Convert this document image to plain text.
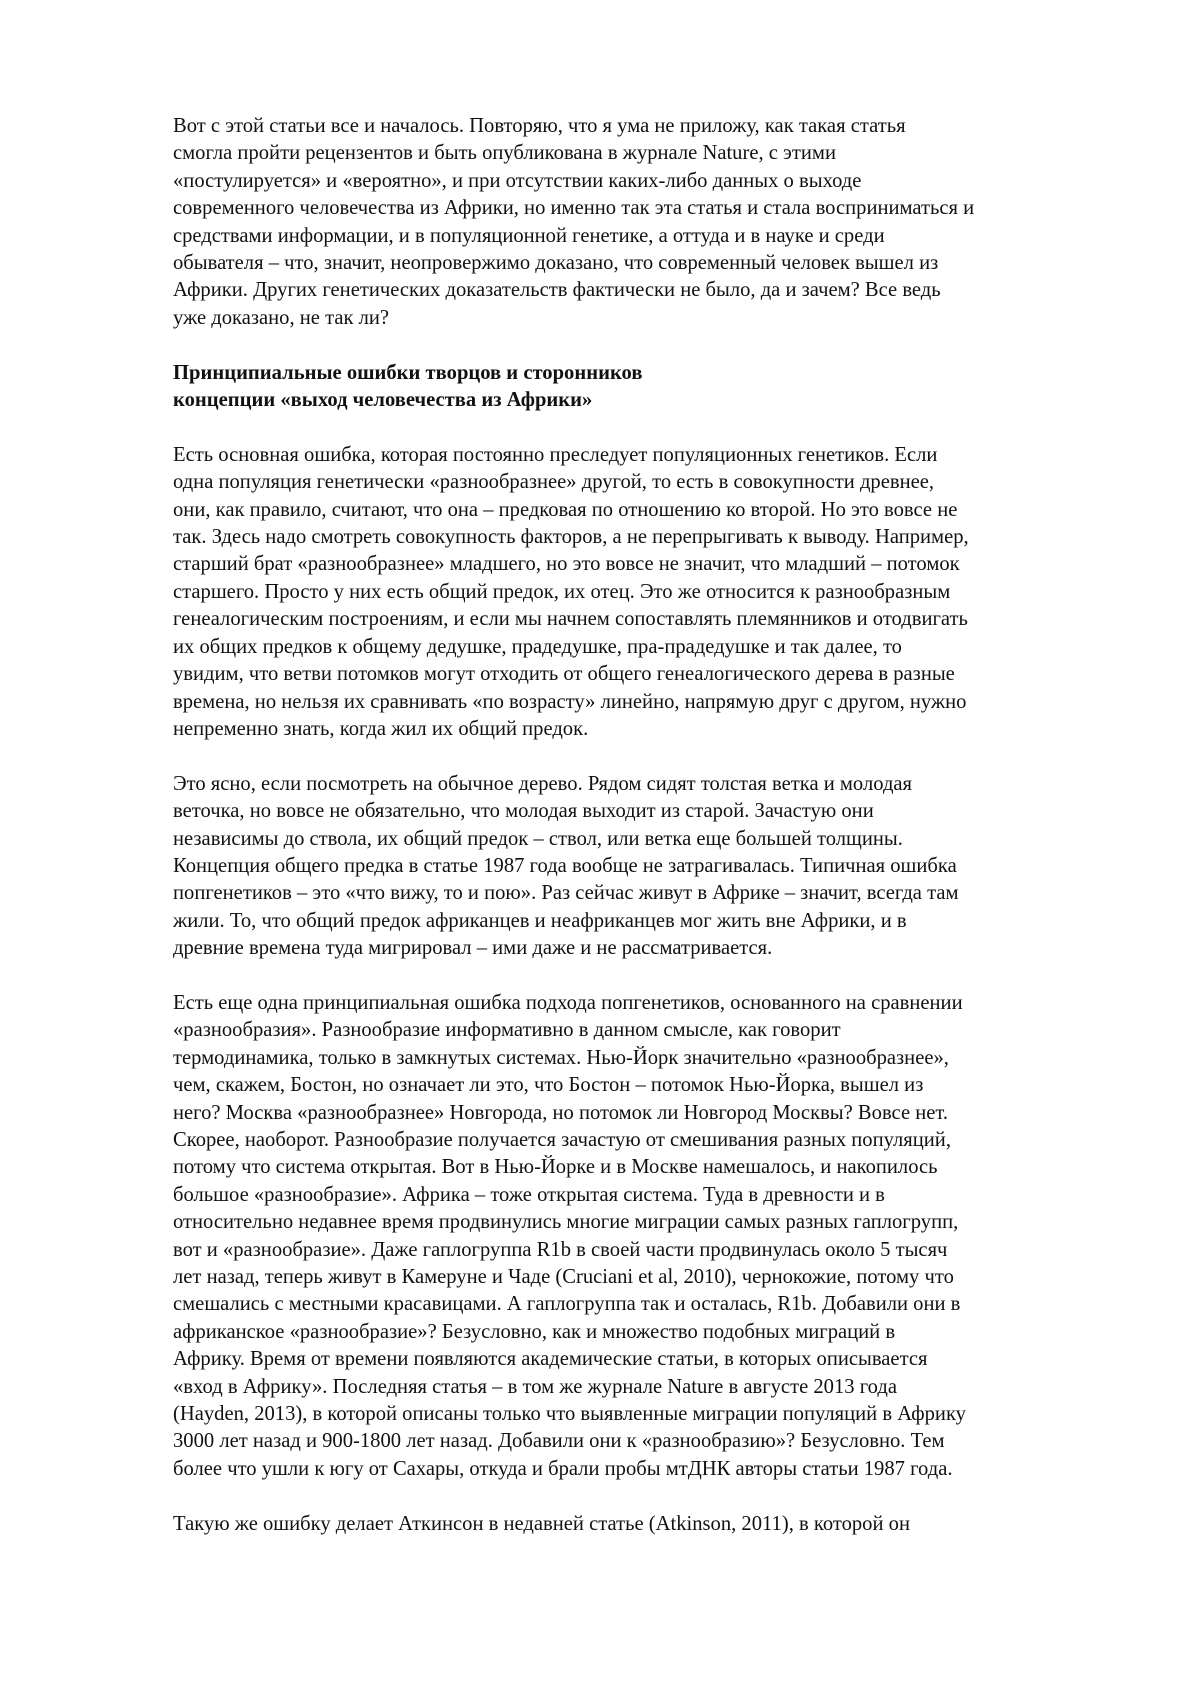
Вот с этой статьи все и началось. Повторяю, что я ума не приложу, как такая статья
смогла пройти рецензентов и быть опубликована в журнале Nature, с этими
«постулируется» и «вероятно», и при отсутствии каких-либо данных о выходе
современного человечества из Африки, но именно так эта статья и стала восприниматься и
средствами информации, и в популяционной генетике, а оттуда и в науке и среди
обывателя – что, значит, неопровержимо доказано, что современный человек вышел из
Африки. Других генетических доказательств фактически не было, да и зачем? Все ведь
уже доказано, не так ли?
Принципиальные ошибки творцов и сторонников
концепции «выход человечества из Африки»
Есть основная ошибка, которая постоянно преследует популяционных генетиков. Если
одна популяция генетически «разнообразнее» другой, то есть в совокупности древнее,
они, как правило, считают, что она – предковая по отношению ко второй. Но это вовсе не
так. Здесь надо смотреть совокупность факторов, а не перепрыгивать к выводу. Например,
старший брат «разнообразнее» младшего, но это вовсе не значит, что младший – потомок
старшего. Просто у них есть общий предок, их отец. Это же относится к разнообразным
генеалогическим построениям, и если мы начнем сопоставлять племянников и отодвигать
их общих предков к общему дедушке, прадедушке, пра-прадедушке и так далее, то
увидим, что ветви потомков могут отходить от общего генеалогического дерева в разные
времена, но нельзя их сравнивать «по возрасту» линейно, напрямую друг с другом, нужно
непременно знать, когда жил их общий предок.
Это ясно, если посмотреть на обычное дерево. Рядом сидят толстая ветка и молодая
веточка, но вовсе не обязательно, что молодая выходит из старой. Зачастую они
независимы до ствола, их общий предок – ствол, или ветка еще большей толщины.
Концепция общего предка в статье 1987 года вообще не затрагивалась. Типичная ошибка
попгенетиков – это «что вижу, то и пою». Раз сейчас живут в Африке – значит, всегда там
жили. То, что общий предок африканцев и неафриканцев мог жить вне Африки, и в
древние времена туда мигрировал – ими даже и не рассматривается.
Есть еще одна принципиальная ошибка подхода попгенетиков, основанного на сравнении
«разнообразия». Разнообразие информативно в данном смысле, как говорит
термодинамика, только в замкнутых системах. Нью-Йорк значительно «разнообразнее»,
чем, скажем, Бостон, но означает ли это, что Бостон – потомок Нью-Йорка, вышел из
него? Москва «разнообразнее» Новгорода, но потомок ли Новгород Москвы? Вовсе нет.
Скорее, наоборот. Разнообразие получается зачастую от смешивания разных популяций,
потому что система открытая. Вот в Нью-Йорке и в Москве намешалось, и накопилось
большое «разнообразие». Африка – тоже открытая система. Туда в древности и в
относительно недавнее время продвинулись многие миграции самых разных гаплогрупп,
вот и «разнообразие». Даже гаплогруппа R1b в своей части продвинулась около 5 тысяч
лет назад, теперь живут в Камеруне и Чаде (Cruciani et al, 2010), чернокожие, потому что
смешались с местными красавицами. А гаплогруппа так и осталась, R1b. Добавили они в
африканское «разнообразие»? Безусловно, как и множество подобных миграций в
Африку. Время от времени появляются академические статьи, в которых описывается
«вход в Африку». Последняя статья – в том же журнале Nature в августе 2013 года
(Hayden, 2013), в которой описаны только что выявленные миграции популяций в Африку
3000 лет назад и 900-1800 лет назад. Добавили они к «разнообразию»? Безусловно. Тем
более что ушли к югу от Сахары, откуда и брали пробы мтДНК авторы статьи 1987 года.
Такую же ошибку делает Аткинсон в недавней статье (Atkinson, 2011), в которой он
